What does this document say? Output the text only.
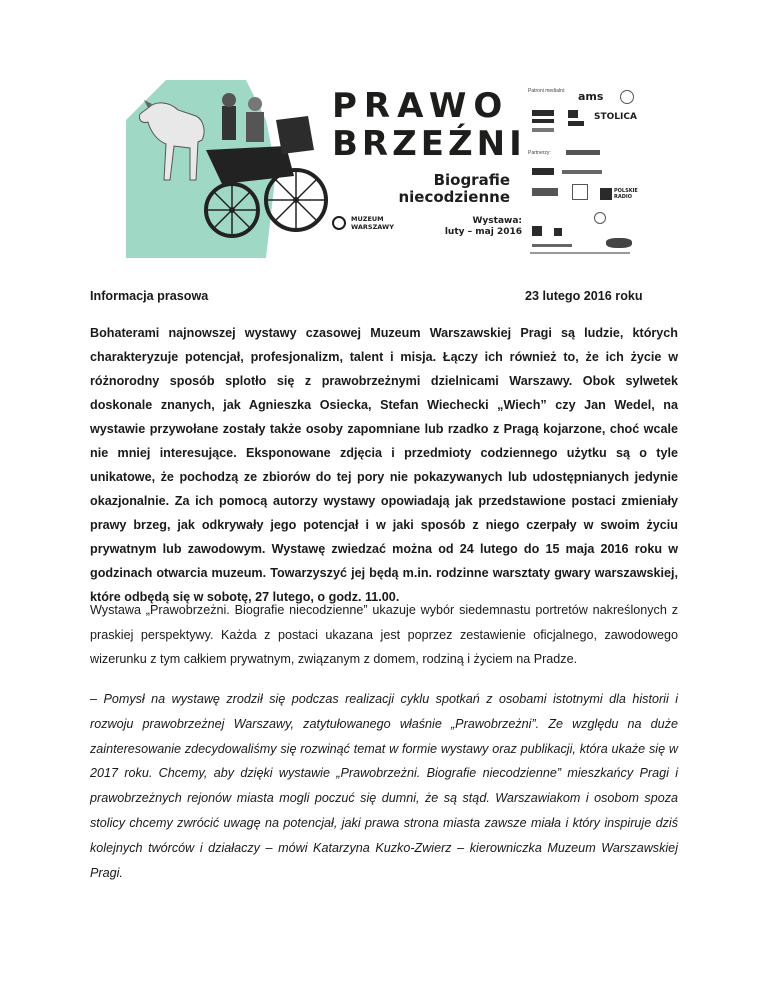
PRAWO
BRZEŹNI
Biografie
niecodzienne
MUZEUM
WARSZAWY
Wystawa:
luty – maj 2016
Patroni medialni: ams
STOLICA
Partnerzy:
POLSKIE RADIO
Informacja prasowa	23 lutego 2016 roku

Bohaterami najnowszej wystawy czasowej Muzeum Warszawskiej Pragi są ludzie, których charakteryzuje potencjał, profesjonalizm, talent i misja. Łączy ich również to, że ich życie w różnorodny sposób splotło się z prawobrzeżnymi dzielnicami Warszawy. Obok sylwetek doskonale znanych, jak Agnieszka Osiecka, Stefan Wiechecki „Wiech” czy Jan Wedel, na wystawie przywołane zostały także osoby zapomniane lub rzadko z Pragą kojarzone, choć wcale nie mniej interesujące. Eksponowane zdjęcia i przedmioty codziennego użytku są o tyle unikatowe, że pochodzą ze zbiorów do tej pory nie pokazywanych lub udostępnianych jedynie okazjonalnie. Za ich pomocą autorzy wystawy opowiadają jak przedstawione postaci zmieniały prawy brzeg, jak odkrywały jego potencjał i w jaki sposób z niego czerpały w swoim życiu prywatnym lub zawodowym. Wystawę zwiedzać można od 24 lutego do 15 maja 2016 roku w godzinach otwarcia muzeum. Towarzyszyć jej będą m.in. rodzinne warsztaty gwary warszawskiej, które odbędą się w sobotę, 27 lutego, o godz. 11.00.

Wystawa „Prawobrzeżni. Biografie niecodzienne” ukazuje wybór siedemnastu portretów nakreślonych z praskiej perspektywy. Każda z postaci ukazana jest poprzez zestawienie oficjalnego, zawodowego wizerunku z tym całkiem prywatnym, związanym z domem, rodziną i życiem na Pradze.

– Pomysł na wystawę zrodził się podczas realizacji cyklu spotkań z osobami istotnymi dla historii i rozwoju prawobrzeżnej Warszawy, zatytułowanego właśnie „Prawobrzeżni”. Ze względu na duże zainteresowanie zdecydowaliśmy się rozwinąć temat w formie wystawy oraz publikacji, która ukaże się w 2017 roku. Chcemy, aby dzięki wystawie „Prawobrzeżni. Biografie niecodzienne” mieszkańcy Pragi i prawobrzeżnych rejonów miasta mogli poczuć się dumni, że są stąd. Warszawiakom i osobom spoza stolicy chcemy zwrócić uwagę na potencjał, jaki prawa strona miasta zawsze miała i który inspiruje dziś kolejnych twórców i działaczy – mówi Katarzyna Kuzko-Zwierz – kierowniczka Muzeum Warszawskiej Pragi.
